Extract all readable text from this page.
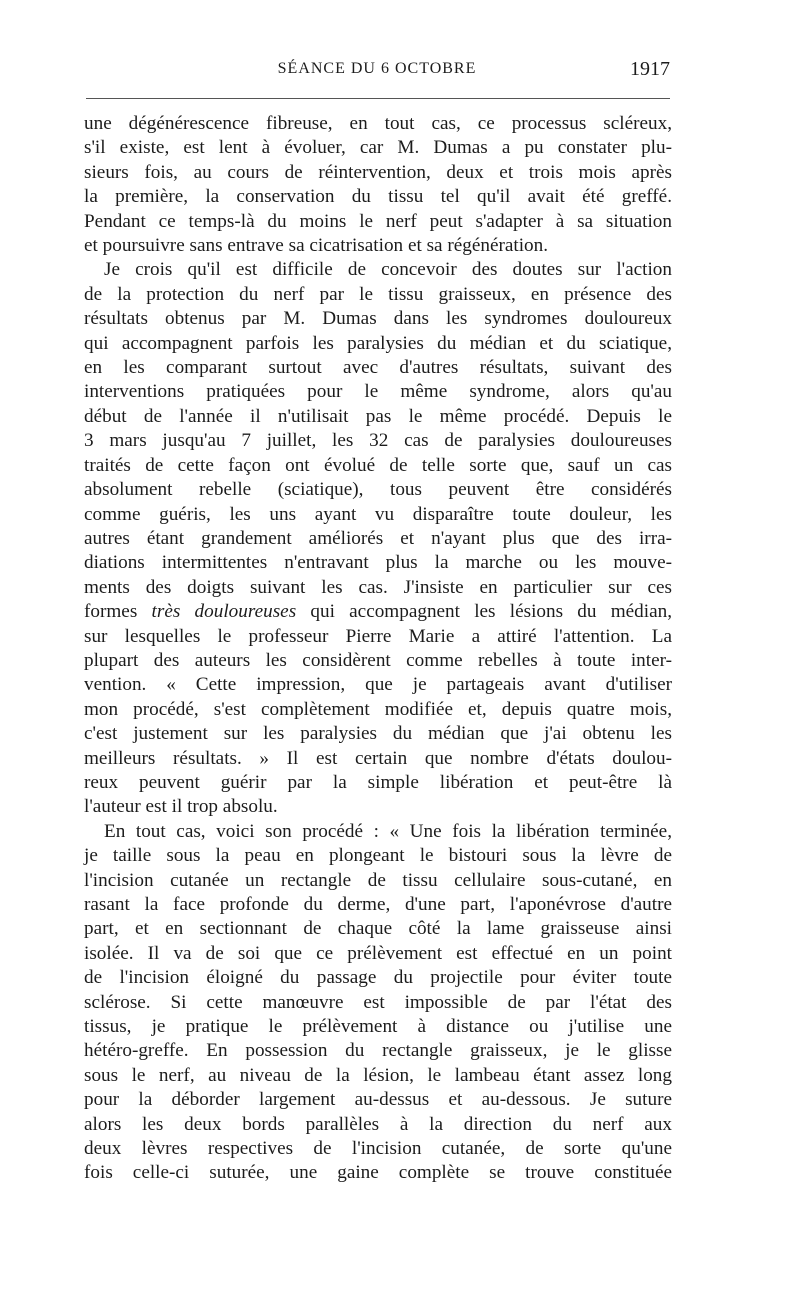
SÉANCE DU 6 OCTOBRE	1917
une dégénérescence fibreuse, en tout cas, ce processus scléreux,
s'il existe, est lent à évoluer, car M. Dumas a pu constater plu-
sieurs fois, au cours de réintervention, deux et trois mois après
la première, la conservation du tissu tel qu'il avait été greffé.
Pendant ce temps-là du moins le nerf peut s'adapter à sa situation
et poursuivre sans entrave sa cicatrisation et sa régénération.
Je crois qu'il est difficile de concevoir des doutes sur l'action
de la protection du nerf par le tissu graisseux, en présence des
résultats obtenus par M. Dumas dans les syndromes douloureux
qui accompagnent parfois les paralysies du médian et du sciatique,
en les comparant surtout avec d'autres résultats, suivant des
interventions pratiquées pour le même syndrome, alors qu'au
début de l'année il n'utilisait pas le même procédé. Depuis le
3 mars jusqu'au 7 juillet, les 32 cas de paralysies douloureuses
traités de cette façon ont évolué de telle sorte que, sauf un cas
absolument rebelle (sciatique), tous peuvent être considérés
comme guéris, les uns ayant vu disparaître toute douleur, les
autres étant grandement améliorés et n'ayant plus que des irra-
diations intermittentes n'entravant plus la marche ou les mouve-
ments des doigts suivant les cas. J'insiste en particulier sur ces
formes très douloureuses qui accompagnent les lésions du médian,
sur lesquelles le professeur Pierre Marie a attiré l'attention. La
plupart des auteurs les considèrent comme rebelles à toute inter-
vention. « Cette impression, que je partageais avant d'utiliser
mon procédé, s'est complètement modifiée et, depuis quatre mois,
c'est justement sur les paralysies du médian que j'ai obtenu les
meilleurs résultats. » Il est certain que nombre d'états doulou-
reux peuvent guérir par la simple libération et peut-être là
l'auteur est il trop absolu.
En tout cas, voici son procédé : « Une fois la libération terminée,
je taille sous la peau en plongeant le bistouri sous la lèvre de
l'incision cutanée un rectangle de tissu cellulaire sous-cutané, en
rasant la face profonde du derme, d'une part, l'aponévrose d'autre
part, et en sectionnant de chaque côté la lame graisseuse ainsi
isolée. Il va de soi que ce prélèvement est effectué en un point
de l'incision éloigné du passage du projectile pour éviter toute
sclérose. Si cette manœuvre est impossible de par l'état des
tissus, je pratique le prélèvement à distance ou j'utilise une
hétéro-greffe. En possession du rectangle graisseux, je le glisse
sous le nerf, au niveau de la lésion, le lambeau étant assez long
pour la déborder largement au-dessus et au-dessous. Je suture
alors les deux bords parallèles à la direction du nerf aux
deux lèvres respectives de l'incision cutanée, de sorte qu'une
fois celle-ci suturée, une gaine complète se trouve constituée
